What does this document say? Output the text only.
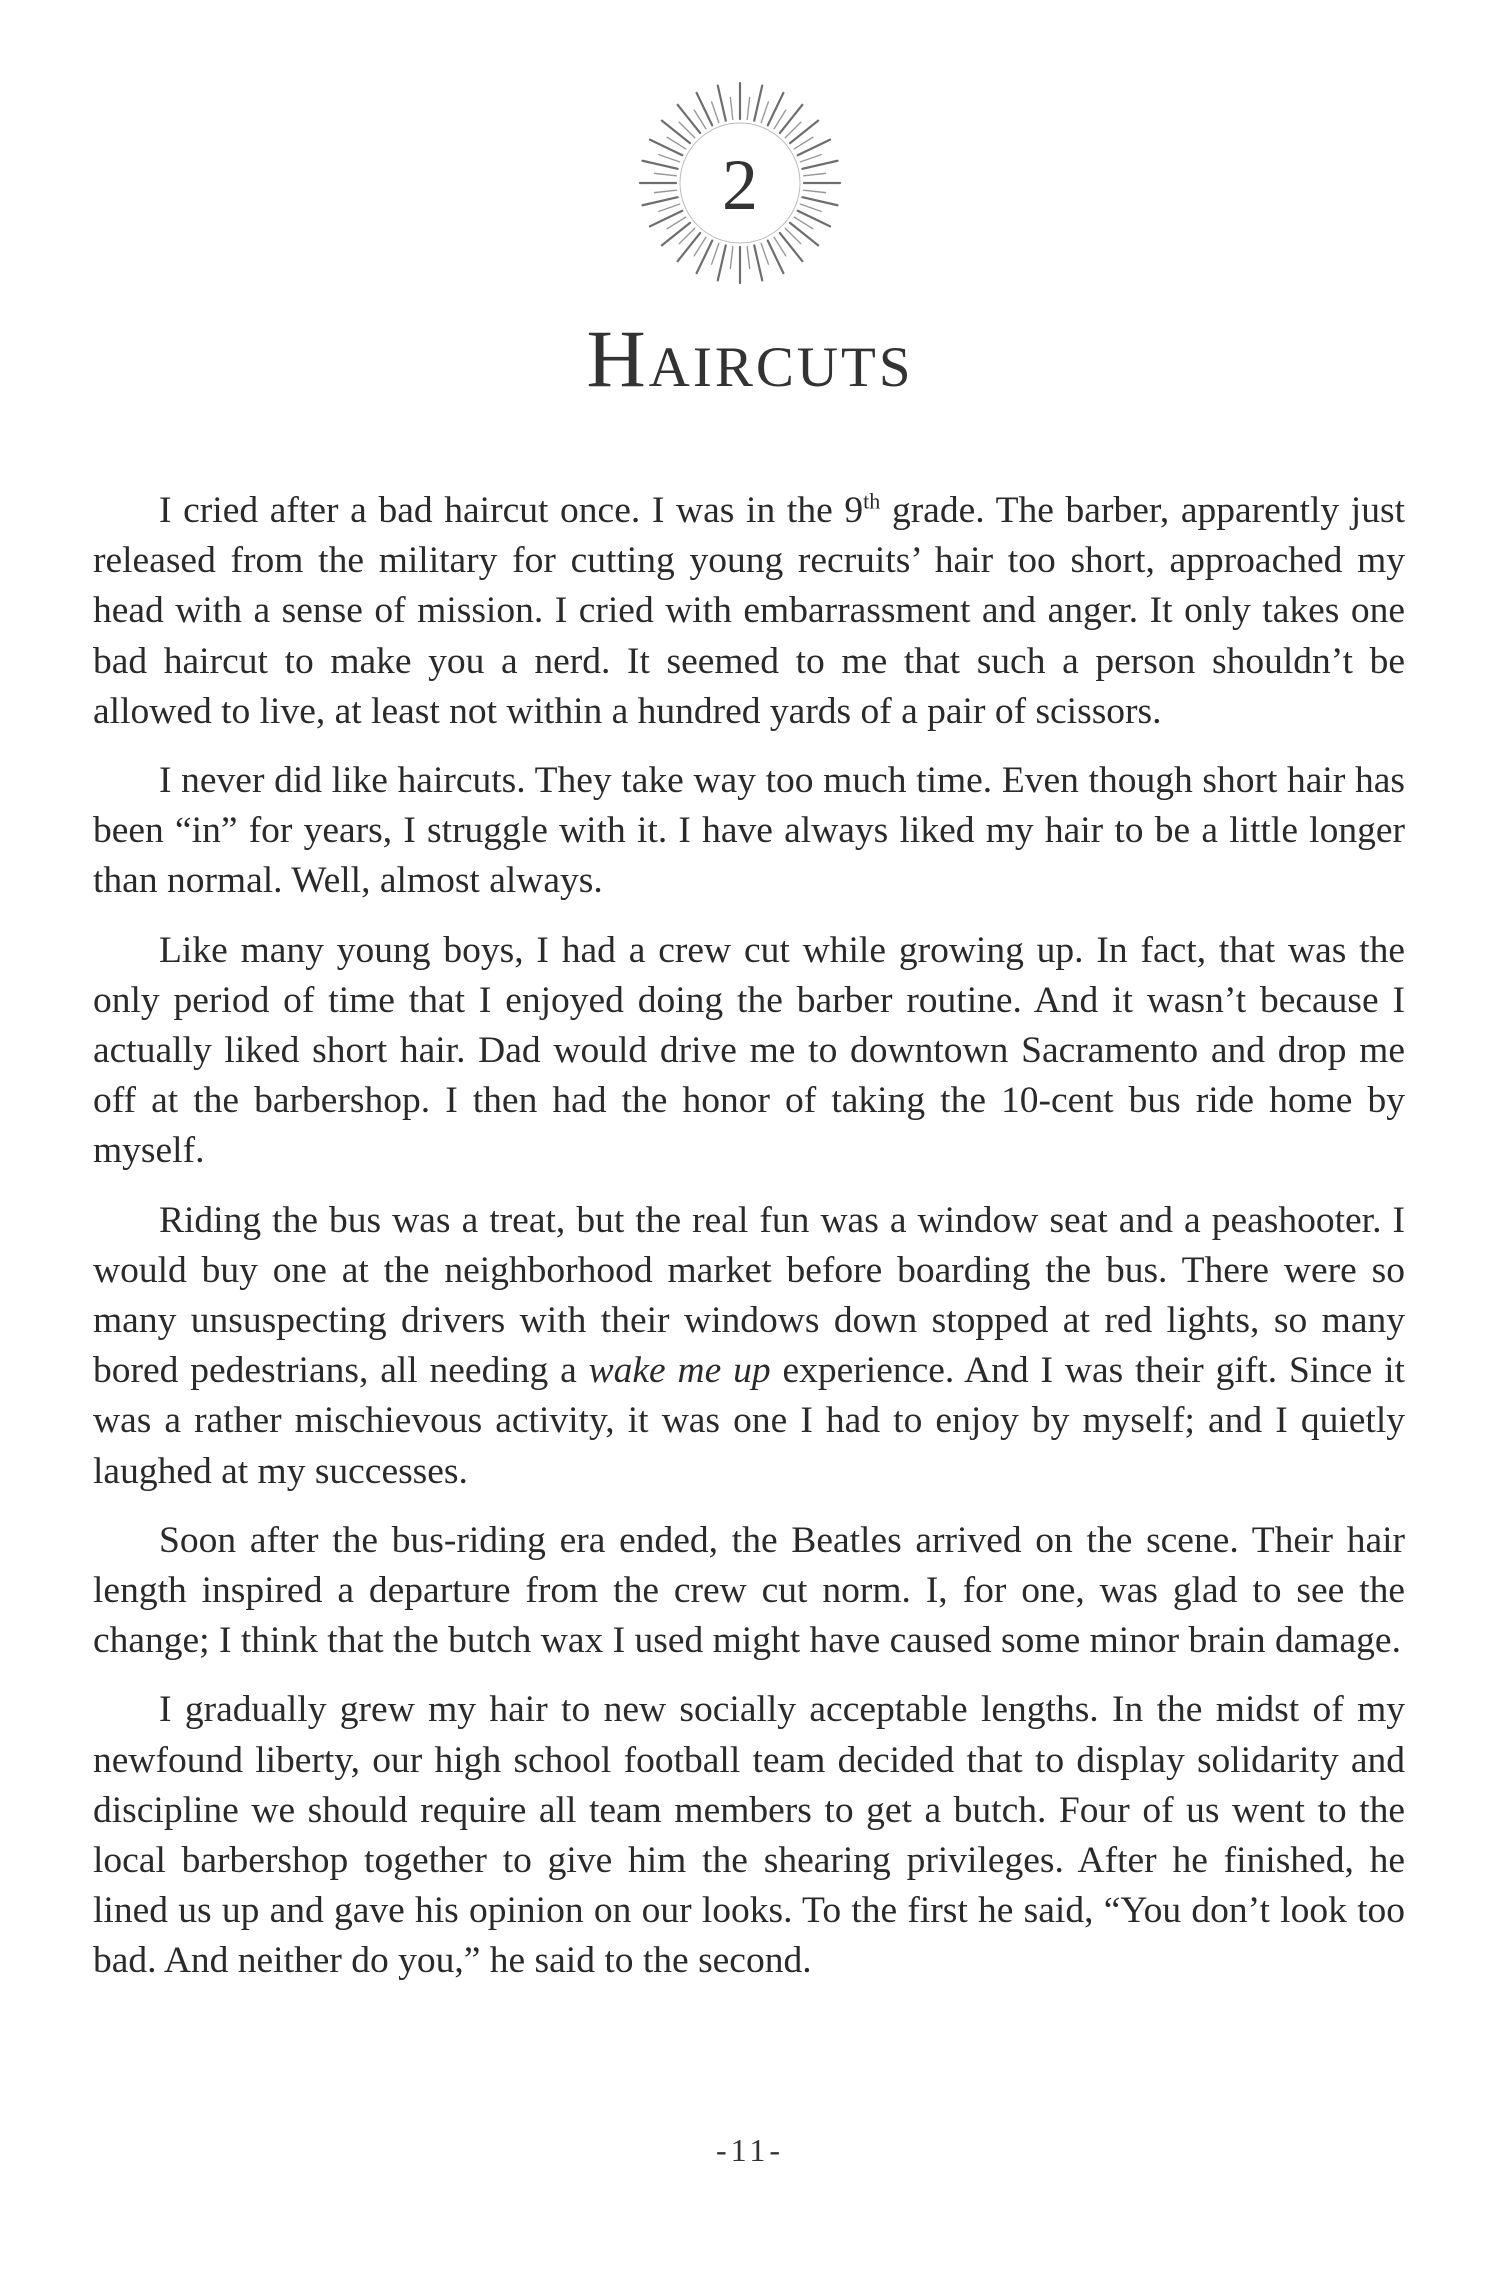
2
Haircuts

I cried after a bad haircut once. I was in the 9th grade. The barber, apparently just released from the military for cutting young recruits’ hair too short, approached my head with a sense of mission. I cried with embarrassment and anger. It only takes one bad haircut to make you a nerd. It seemed to me that such a person shouldn’t be allowed to live, at least not within a hundred yards of a pair of scissors.

I never did like haircuts. They take way too much time. Even though short hair has been “in” for years, I struggle with it. I have always liked my hair to be a little longer than normal. Well, almost always.

Like many young boys, I had a crew cut while growing up. In fact, that was the only period of time that I enjoyed doing the barber routine. And it wasn’t because I actually liked short hair. Dad would drive me to downtown Sacramento and drop me off at the barbershop. I then had the honor of taking the 10-cent bus ride home by myself.

Riding the bus was a treat, but the real fun was a window seat and a peashooter. I would buy one at the neighborhood market before boarding the bus. There were so many unsuspecting drivers with their windows down stopped at red lights, so many bored pedestrians, all needing a wake me up experience. And I was their gift. Since it was a rather mischievous activity, it was one I had to enjoy by myself; and I quietly laughed at my successes.

Soon after the bus-riding era ended, the Beatles arrived on the scene. Their hair length inspired a departure from the crew cut norm. I, for one, was glad to see the change; I think that the butch wax I used might have caused some minor brain damage.

I gradually grew my hair to new socially acceptable lengths. In the midst of my newfound liberty, our high school football team decided that to display solidarity and discipline we should require all team members to get a butch. Four of us went to the local barbershop together to give him the shearing privileges. After he finished, he lined us up and gave his opinion on our looks. To the first he said, “You don’t look too bad. And neither do you,” he said to the second.

-11-
